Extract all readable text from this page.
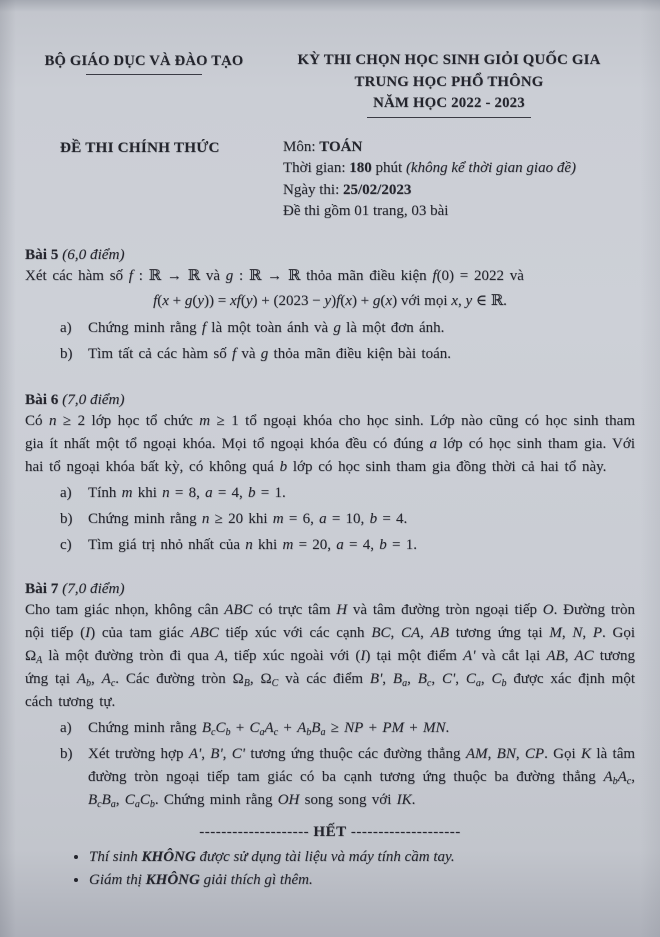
BỘ GIÁO DỤC VÀ ĐÀO TẠO	KỲ THI CHỌN HỌC SINH GIỎI QUỐC GIA
TRUNG HỌC PHỔ THÔNG
NĂM HỌC 2022 - 2023
ĐỀ THI CHÍNH THỨC	Môn: TOÁN
Thời gian: 180 phút (không kể thời gian giao đề)
Ngày thi: 25/02/2023
Đề thi gồm 01 trang, 03 bài
Bài 5 (6,0 điểm)

Xét các hàm số f : ℝ → ℝ và g : ℝ → ℝ thỏa mãn điều kiện f(0) = 2022 và

f(x + g(y)) = xf(y) + (2023 − y)f(x) + g(x) với mọi x, y ∈ ℝ.
a)	Chứng minh rằng f là một toàn ánh và g là một đơn ánh.
b)	Tìm tất cả các hàm số f và g thỏa mãn điều kiện bài toán.
Bài 6 (7,0 điểm)

Có n ≥ 2 lớp học tổ chức m ≥ 1 tổ ngoại khóa cho học sinh. Lớp nào cũng có học sinh tham gia ít nhất một tổ ngoại khóa. Mọi tổ ngoại khóa đều có đúng a lớp có học sinh tham gia. Với hai tổ ngoại khóa bất kỳ, có không quá b lớp có học sinh tham gia đồng thời cả hai tổ này.

a)	Tính m khi n = 8, a = 4, b = 1.
b)	Chứng minh rằng n ≥ 20 khi m = 6, a = 10, b = 4.
c)	Tìm giá trị nhỏ nhất của n khi m = 20, a = 4, b = 1.
Bài 7 (7,0 điểm)

Cho tam giác nhọn, không cân ABC có trực tâm H và tâm đường tròn ngoại tiếp O. Đường tròn nội tiếp (I) của tam giác ABC tiếp xúc với các cạnh BC, CA, AB tương ứng tại M, N, P. Gọi $\Omega_A$ là một đường tròn đi qua A, tiếp xúc ngoài với (I) tại một điểm A' và cắt lại AB, AC tương ứng tại $A_b$, $A_c$. Các đường tròn $\Omega_B$, $\Omega_C$ và các điểm B', $B_a$, $B_c$, C', $C_a$, $C_b$ được xác định một cách tương tự.

a)	Chứng minh rằng $B_cC_b + C_aA_c + A_bB_a$ ≥ NP + PM + MN.
b)	Xét trường hợp A', B', C' tương ứng thuộc các đường thẳng AM, BN, CP. Gọi K là tâm đường tròn ngoại tiếp tam giác có ba cạnh tương ứng thuộc ba đường thẳng $A_bA_c$, $B_cB_a$, $C_aC_b$. Chứng minh rằng OH song song với IK.
-------------------- HẾT --------------------
• Thí sinh KHÔNG được sử dụng tài liệu và máy tính cầm tay.
• Giám thị KHÔNG giải thích gì thêm.
